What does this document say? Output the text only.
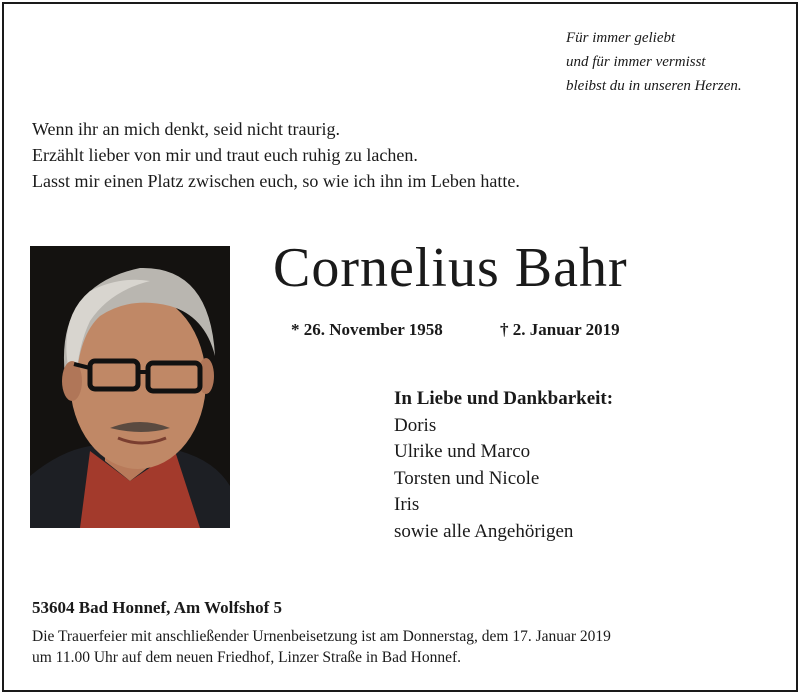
Für immer geliebt
und für immer vermisst
bleibst du in unseren Herzen.
Wenn ihr an mich denkt, seid nicht traurig.
Erzählt lieber von mir und traut euch ruhig zu lachen.
Lasst mir einen Platz zwischen euch, so wie ich ihn im Leben hatte.
Cornelius Bahr
* 26. November 1958	† 2. Januar 2019
In Liebe und Dankbarkeit:
Doris
Ulrike und Marco
Torsten und Nicole
Iris
sowie alle Angehörigen
53604 Bad Honnef, Am Wolfshof 5
Die Trauerfeier mit anschließender Urnenbeisetzung ist am Donnerstag, dem 17. Januar 2019
um 11.00 Uhr auf dem neuen Friedhof, Linzer Straße in Bad Honnef.
